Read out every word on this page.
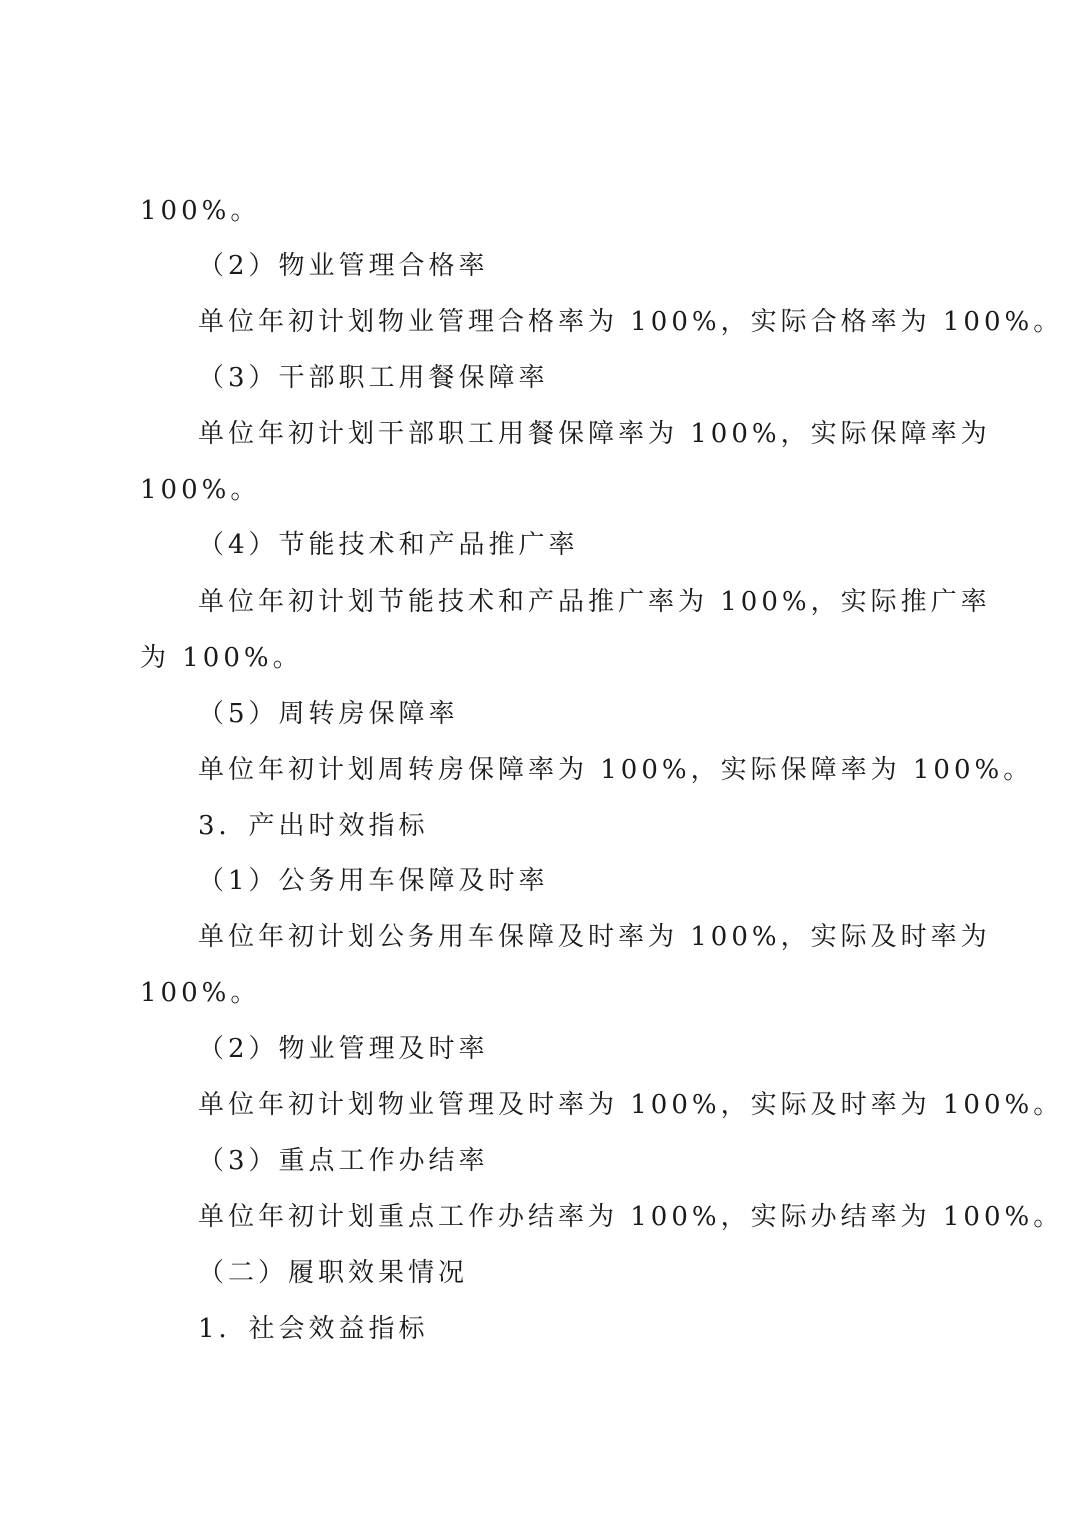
100%。
（2）物业管理合格率
单位年初计划物业管理合格率为 100%，实际合格率为 100%。
（3）干部职工用餐保障率
单位年初计划干部职工用餐保障率为 100%，实际保障率为
100%。
（4）节能技术和产品推广率
单位年初计划节能技术和产品推广率为 100%，实际推广率
为 100%。
（5）周转房保障率
单位年初计划周转房保障率为 100%，实际保障率为 100%。
3．产出时效指标
（1）公务用车保障及时率
单位年初计划公务用车保障及时率为 100%，实际及时率为
100%。
（2）物业管理及时率
单位年初计划物业管理及时率为 100%，实际及时率为 100%。
（3）重点工作办结率
单位年初计划重点工作办结率为 100%，实际办结率为 100%。
（二）履职效果情况
1．社会效益指标
